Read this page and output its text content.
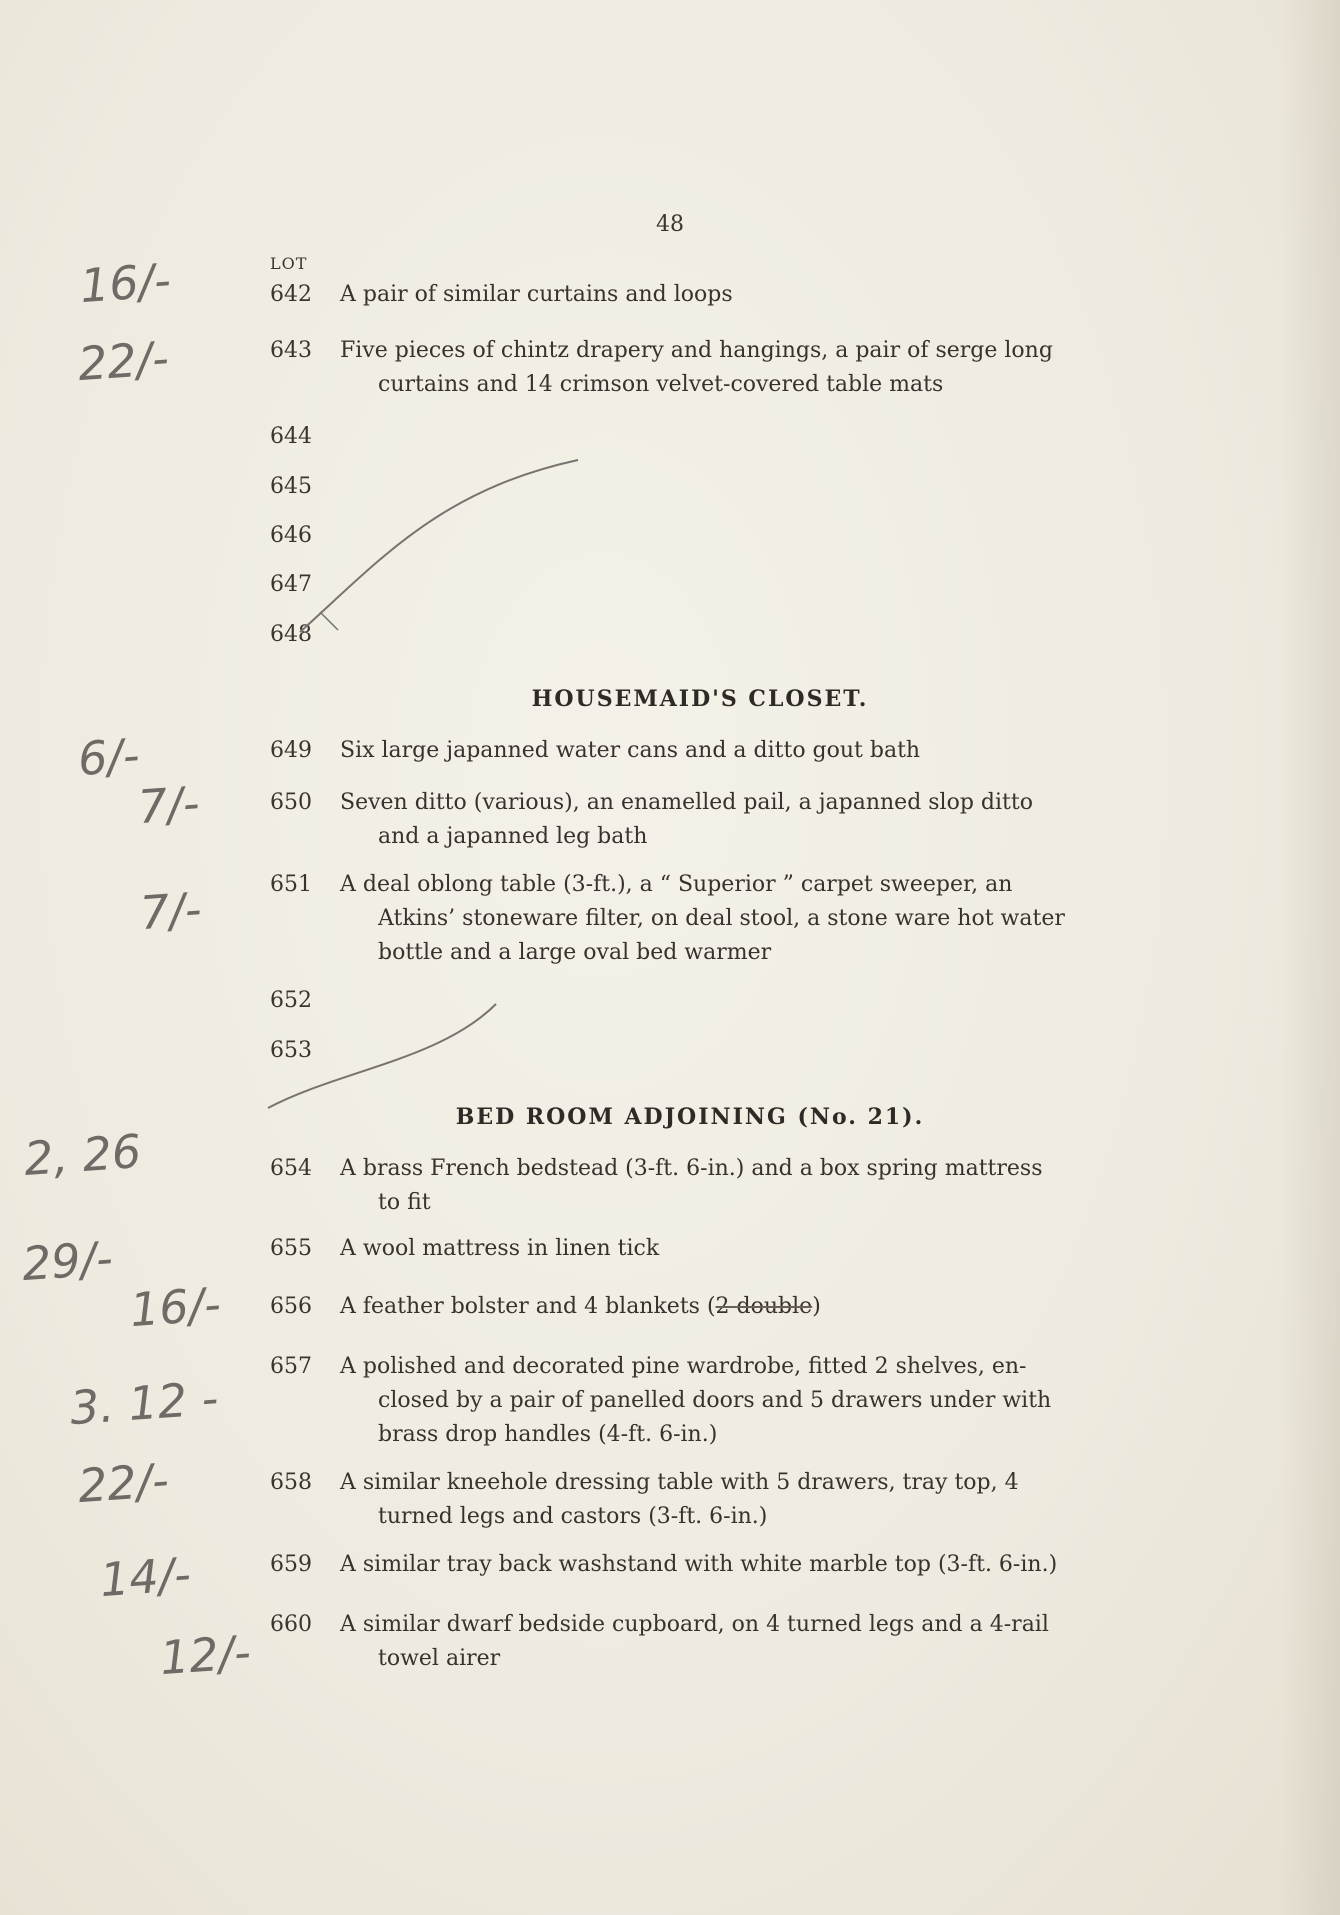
48
LOT
642 A pair of similar curtains and loops
643 Five pieces of chintz drapery and hangings, a pair of serge long
curtains and 14 crimson velvet-covered table mats
644
645
646
647
648
HOUSEMAID'S CLOSET.
649 Six large japanned water cans and a ditto gout bath
650 Seven ditto (various), an enamelled pail, a japanned slop ditto
and a japanned leg bath
651 A deal oblong table (3-ft.), a “ Superior ” carpet sweeper, an
Atkins’ stoneware filter, on deal stool, a stone ware hot water
bottle and a large oval bed warmer
652
653
BED ROOM ADJOINING (No. 21).
654 A brass French bedstead (3-ft. 6-in.) and a box spring mattress
to fit
655 A wool mattress in linen tick
656 A feather bolster and 4 blankets (2 double)
657 A polished and decorated pine wardrobe, fitted 2 shelves, en-
closed by a pair of panelled doors and 5 drawers under with
brass drop handles (4-ft. 6-in.)
658 A similar kneehole dressing table with 5 drawers, tray top, 4
turned legs and castors (3-ft. 6-in.)
659 A similar tray back washstand with white marble top (3-ft. 6-in.)
660 A similar dwarf bedside cupboard, on 4 turned legs and a 4-rail
towel airer
16/-
22/-
6/-
7/-
7/-
2, 26
29/-
16/-
3. 12 -
22/-
14/-
12/-
